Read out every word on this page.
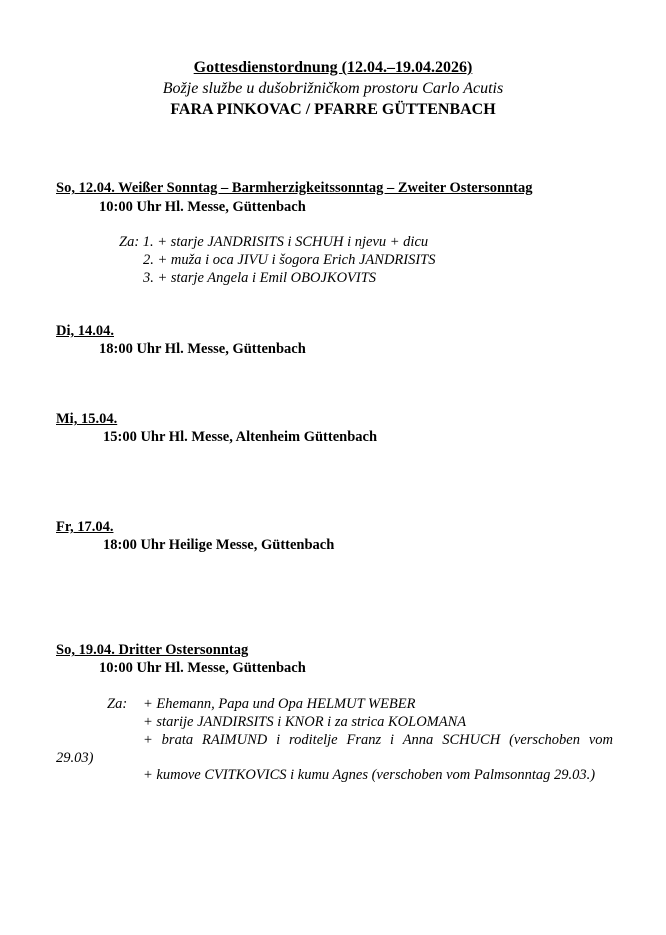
Gottesdienstordnung (12.04.–19.04.2026)
Božje službe u dušobrižničkom prostoru Carlo Acutis
FARA PINKOVAC / PFARRE GÜTTENBACH
So, 12.04. Weißer Sonntag – Barmherzigkeitssonntag – Zweiter Ostersonntag
10:00 Uhr Hl. Messe, Güttenbach
Za: 1. + starje JANDRISITS i SCHUH i njevu + dicu
2. + muža i oca JIVU i šogora Erich JANDRISITS
3. + starje Angela i Emil OBOJKOVITS
Di, 14.04.
18:00 Uhr Hl. Messe, Güttenbach
Mi, 15.04.
15:00 Uhr Hl. Messe, Altenheim Güttenbach
Fr, 17.04.
18:00 Uhr Heilige Messe, Güttenbach
So, 19.04. Dritter Ostersonntag
10:00 Uhr Hl. Messe, Güttenbach
Za: + Ehemann, Papa und Opa HELMUT WEBER
+ starije JANDIRSITS i KNOR i za strica KOLOMANA
+ brata RAIMUND i roditelje Franz i Anna SCHUCH (verschoben vom
29.03)
+ kumove CVITKOVICS i kumu Agnes (verschoben vom Palmsonntag 29.03.)
